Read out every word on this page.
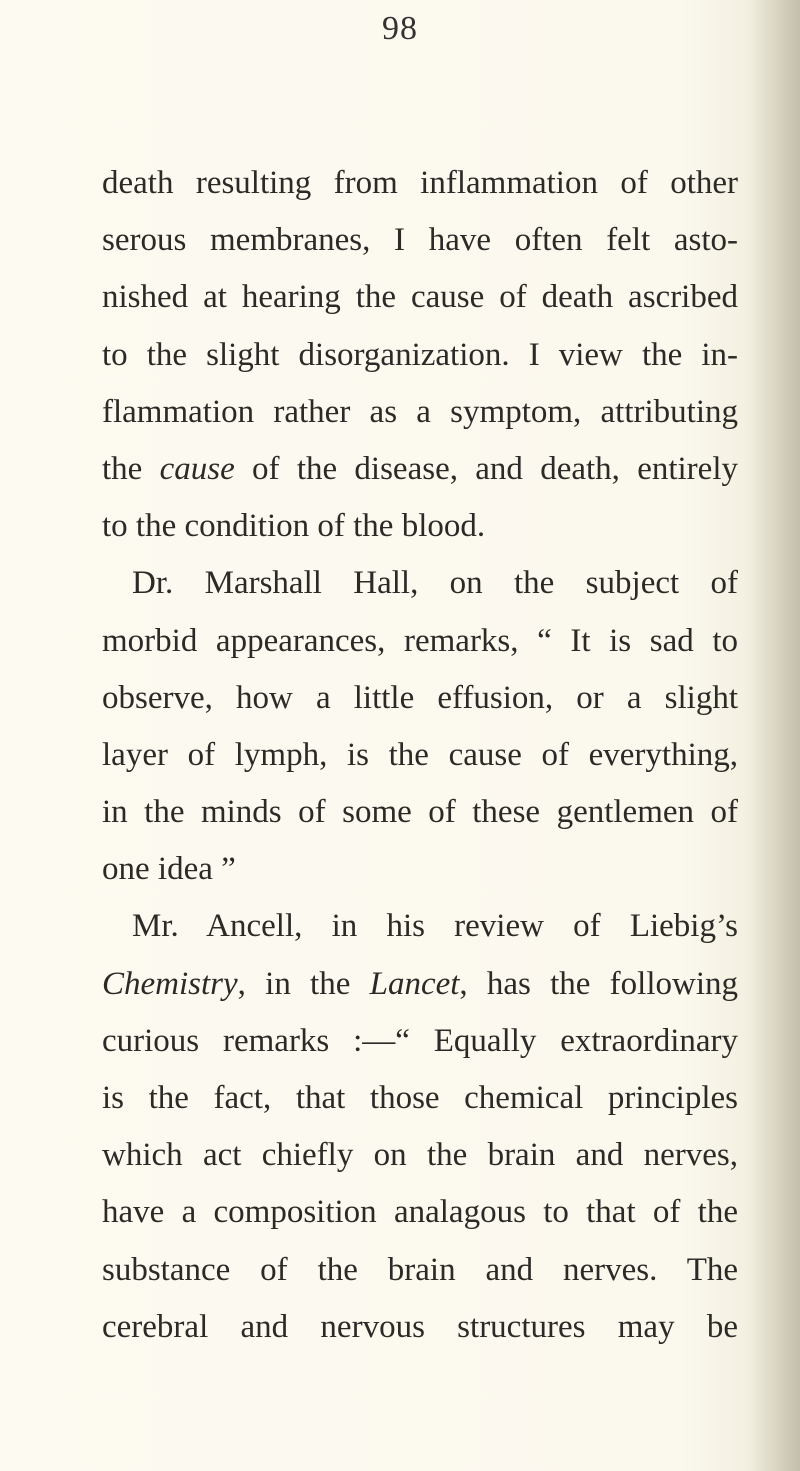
98
death resulting from inflammation of other
serous membranes, I have often felt asto-
nished at hearing the cause of death ascribed
to the slight disorganization. I view the in-
flammation rather as a symptom, attributing
the cause of the disease, and death, entirely
to the condition of the blood.
Dr. Marshall Hall, on the subject of
morbid appearances, remarks, “ It is sad to
observe, how a little effusion, or a slight
layer of lymph, is the cause of everything,
in the minds of some of these gentlemen of
one idea ”
Mr. Ancell, in his review of Liebig’s
Chemistry, in the Lancet, has the following
curious remarks :—“ Equally extraordinary
is the fact, that those chemical principles
which act chiefly on the brain and nerves,
have a composition analagous to that of the
substance of the brain and nerves. The
cerebral and nervous structures may be
